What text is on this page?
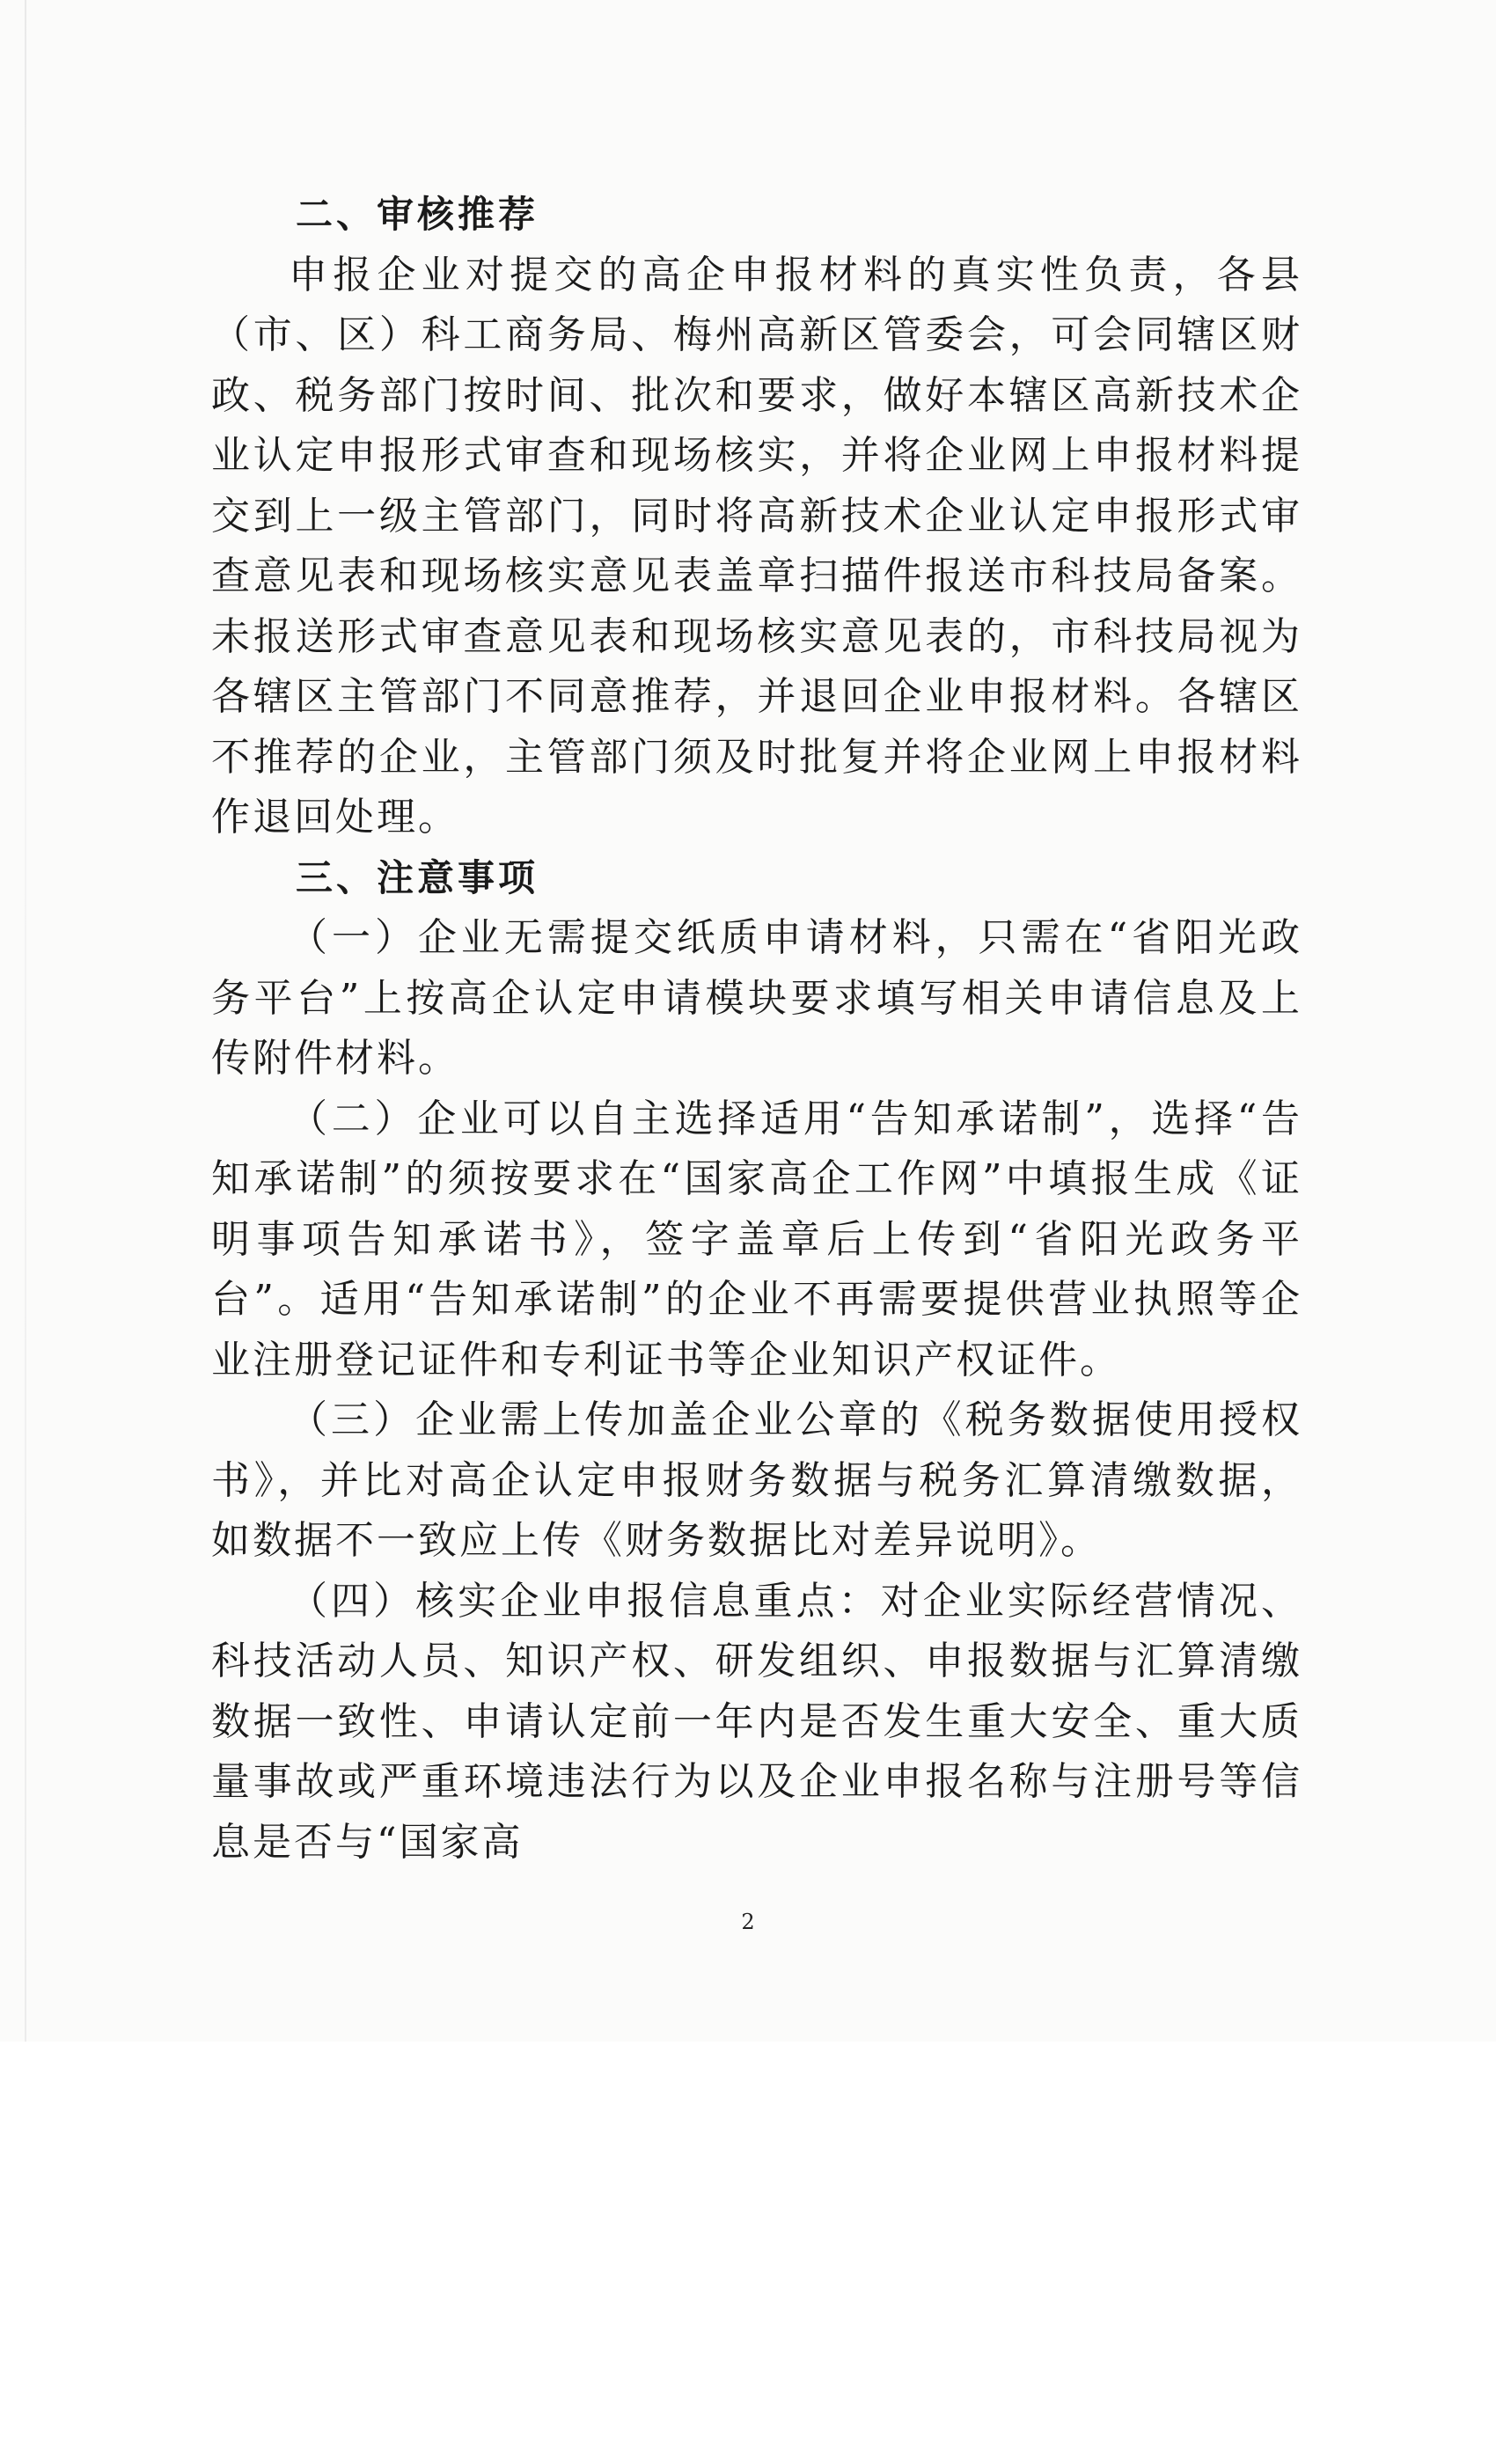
二、审核推荐

申报企业对提交的高企申报材料的真实性负责，各县（市、区）科工商务局、梅州高新区管委会，可会同辖区财政、税务部门按时间、批次和要求，做好本辖区高新技术企业认定申报形式审查和现场核实，并将企业网上申报材料提交到上一级主管部门，同时将高新技术企业认定申报形式审查意见表和现场核实意见表盖章扫描件报送市科技局备案。未报送形式审查意见表和现场核实意见表的，市科技局视为各辖区主管部门不同意推荐，并退回企业申报材料。各辖区不推荐的企业，主管部门须及时批复并将企业网上申报材料作退回处理。

三、注意事项

（一）企业无需提交纸质申请材料，只需在“省阳光政务平台”上按高企认定申请模块要求填写相关申请信息及上传附件材料。

（二）企业可以自主选择适用“告知承诺制”，选择“告知承诺制”的须按要求在“国家高企工作网”中填报生成《证明事项告知承诺书》，签字盖章后上传到“省阳光政务平台”。适用“告知承诺制”的企业不再需要提供营业执照等企业注册登记证件和专利证书等企业知识产权证件。

（三）企业需上传加盖企业公章的《税务数据使用授权书》，并比对高企认定申报财务数据与税务汇算清缴数据，如数据不一致应上传《财务数据比对差异说明》。

（四）核实企业申报信息重点：对企业实际经营情况、科技活动人员、知识产权、研发组织、申报数据与汇算清缴数据一致性、申请认定前一年内是否发生重大安全、重大质量事故或严重环境违法行为以及企业申报名称与注册号等信息是否与“国家高

2
